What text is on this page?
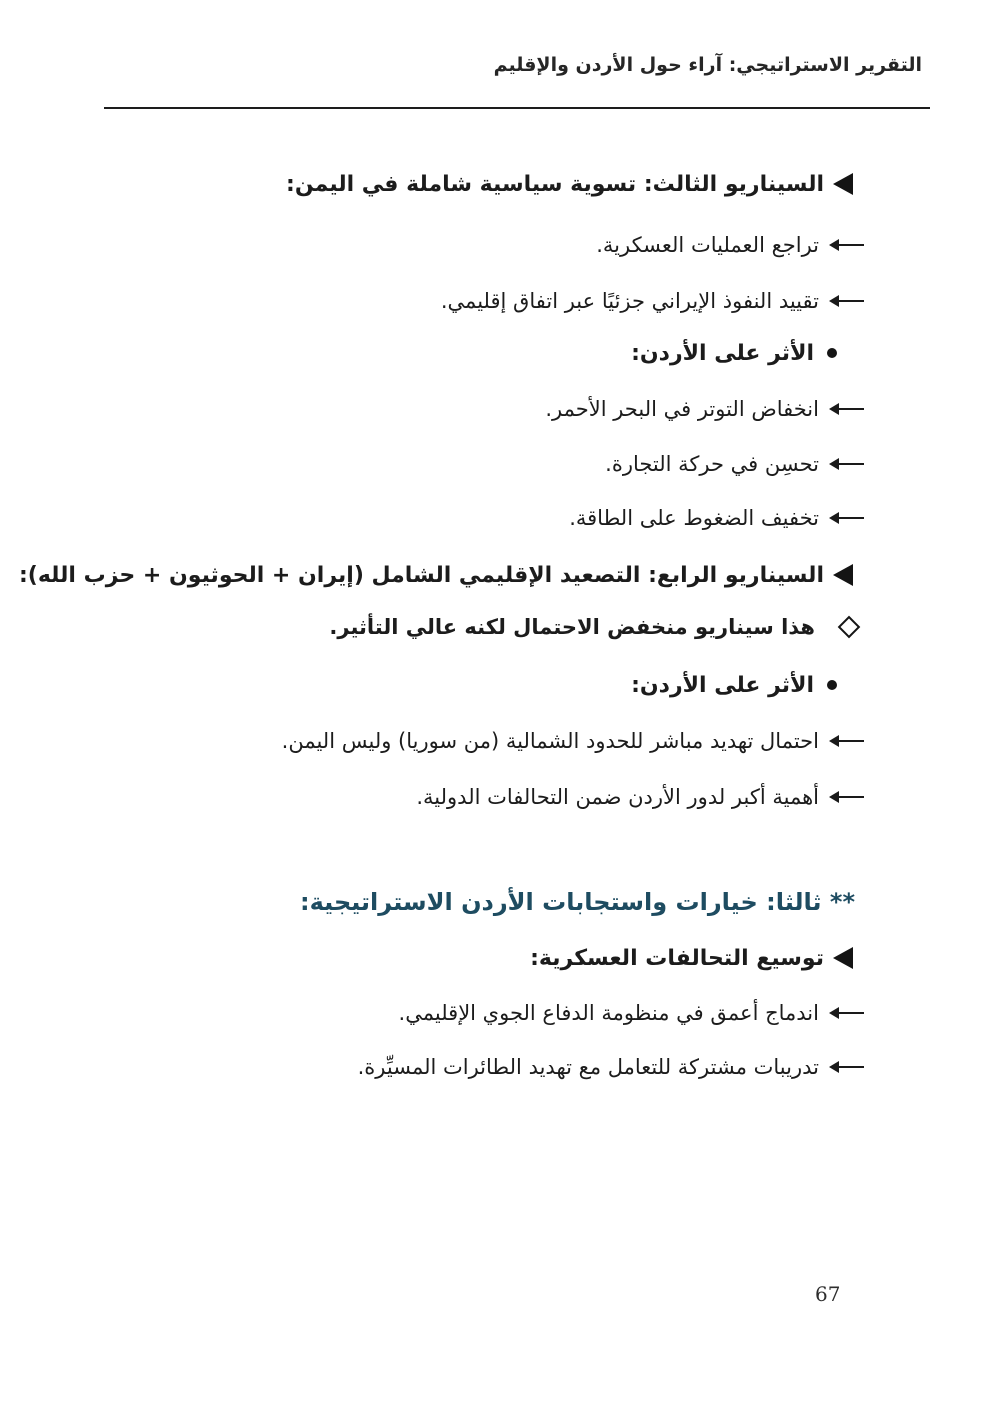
التقرير الاستراتيجي: آراء حول الأردن والإقليم
السيناريو الثالث: تسوية سياسية شاملة في اليمن:
تراجع العمليات العسكرية.
تقييد النفوذ الإيراني جزئيًا عبر اتفاق إقليمي.
الأثر على الأردن:
انخفاض التوتر في البحر الأحمر.
تحسِن في حركة التجارة.
تخفيف الضغوط على الطاقة.
السيناريو الرابع: التصعيد الإقليمي الشامل (إيران + الحوثيون + حزب الله):
هذا سيناريو منخفض الاحتمال لكنه عالي التأثير.
الأثر على الأردن:
احتمال تهديد مباشر للحدود الشمالية (من سوريا) وليس اليمن.
أهمية أكبر لدور الأردن ضمن التحالفات الدولية.
** ثالثا: خيارات واستجابات الأردن الاستراتيجية:
توسيع التحالفات العسكرية:
اندماج أعمق في منظومة الدفاع الجوي الإقليمي.
تدريبات مشتركة للتعامل مع تهديد الطائرات المسيِّرة.
67
